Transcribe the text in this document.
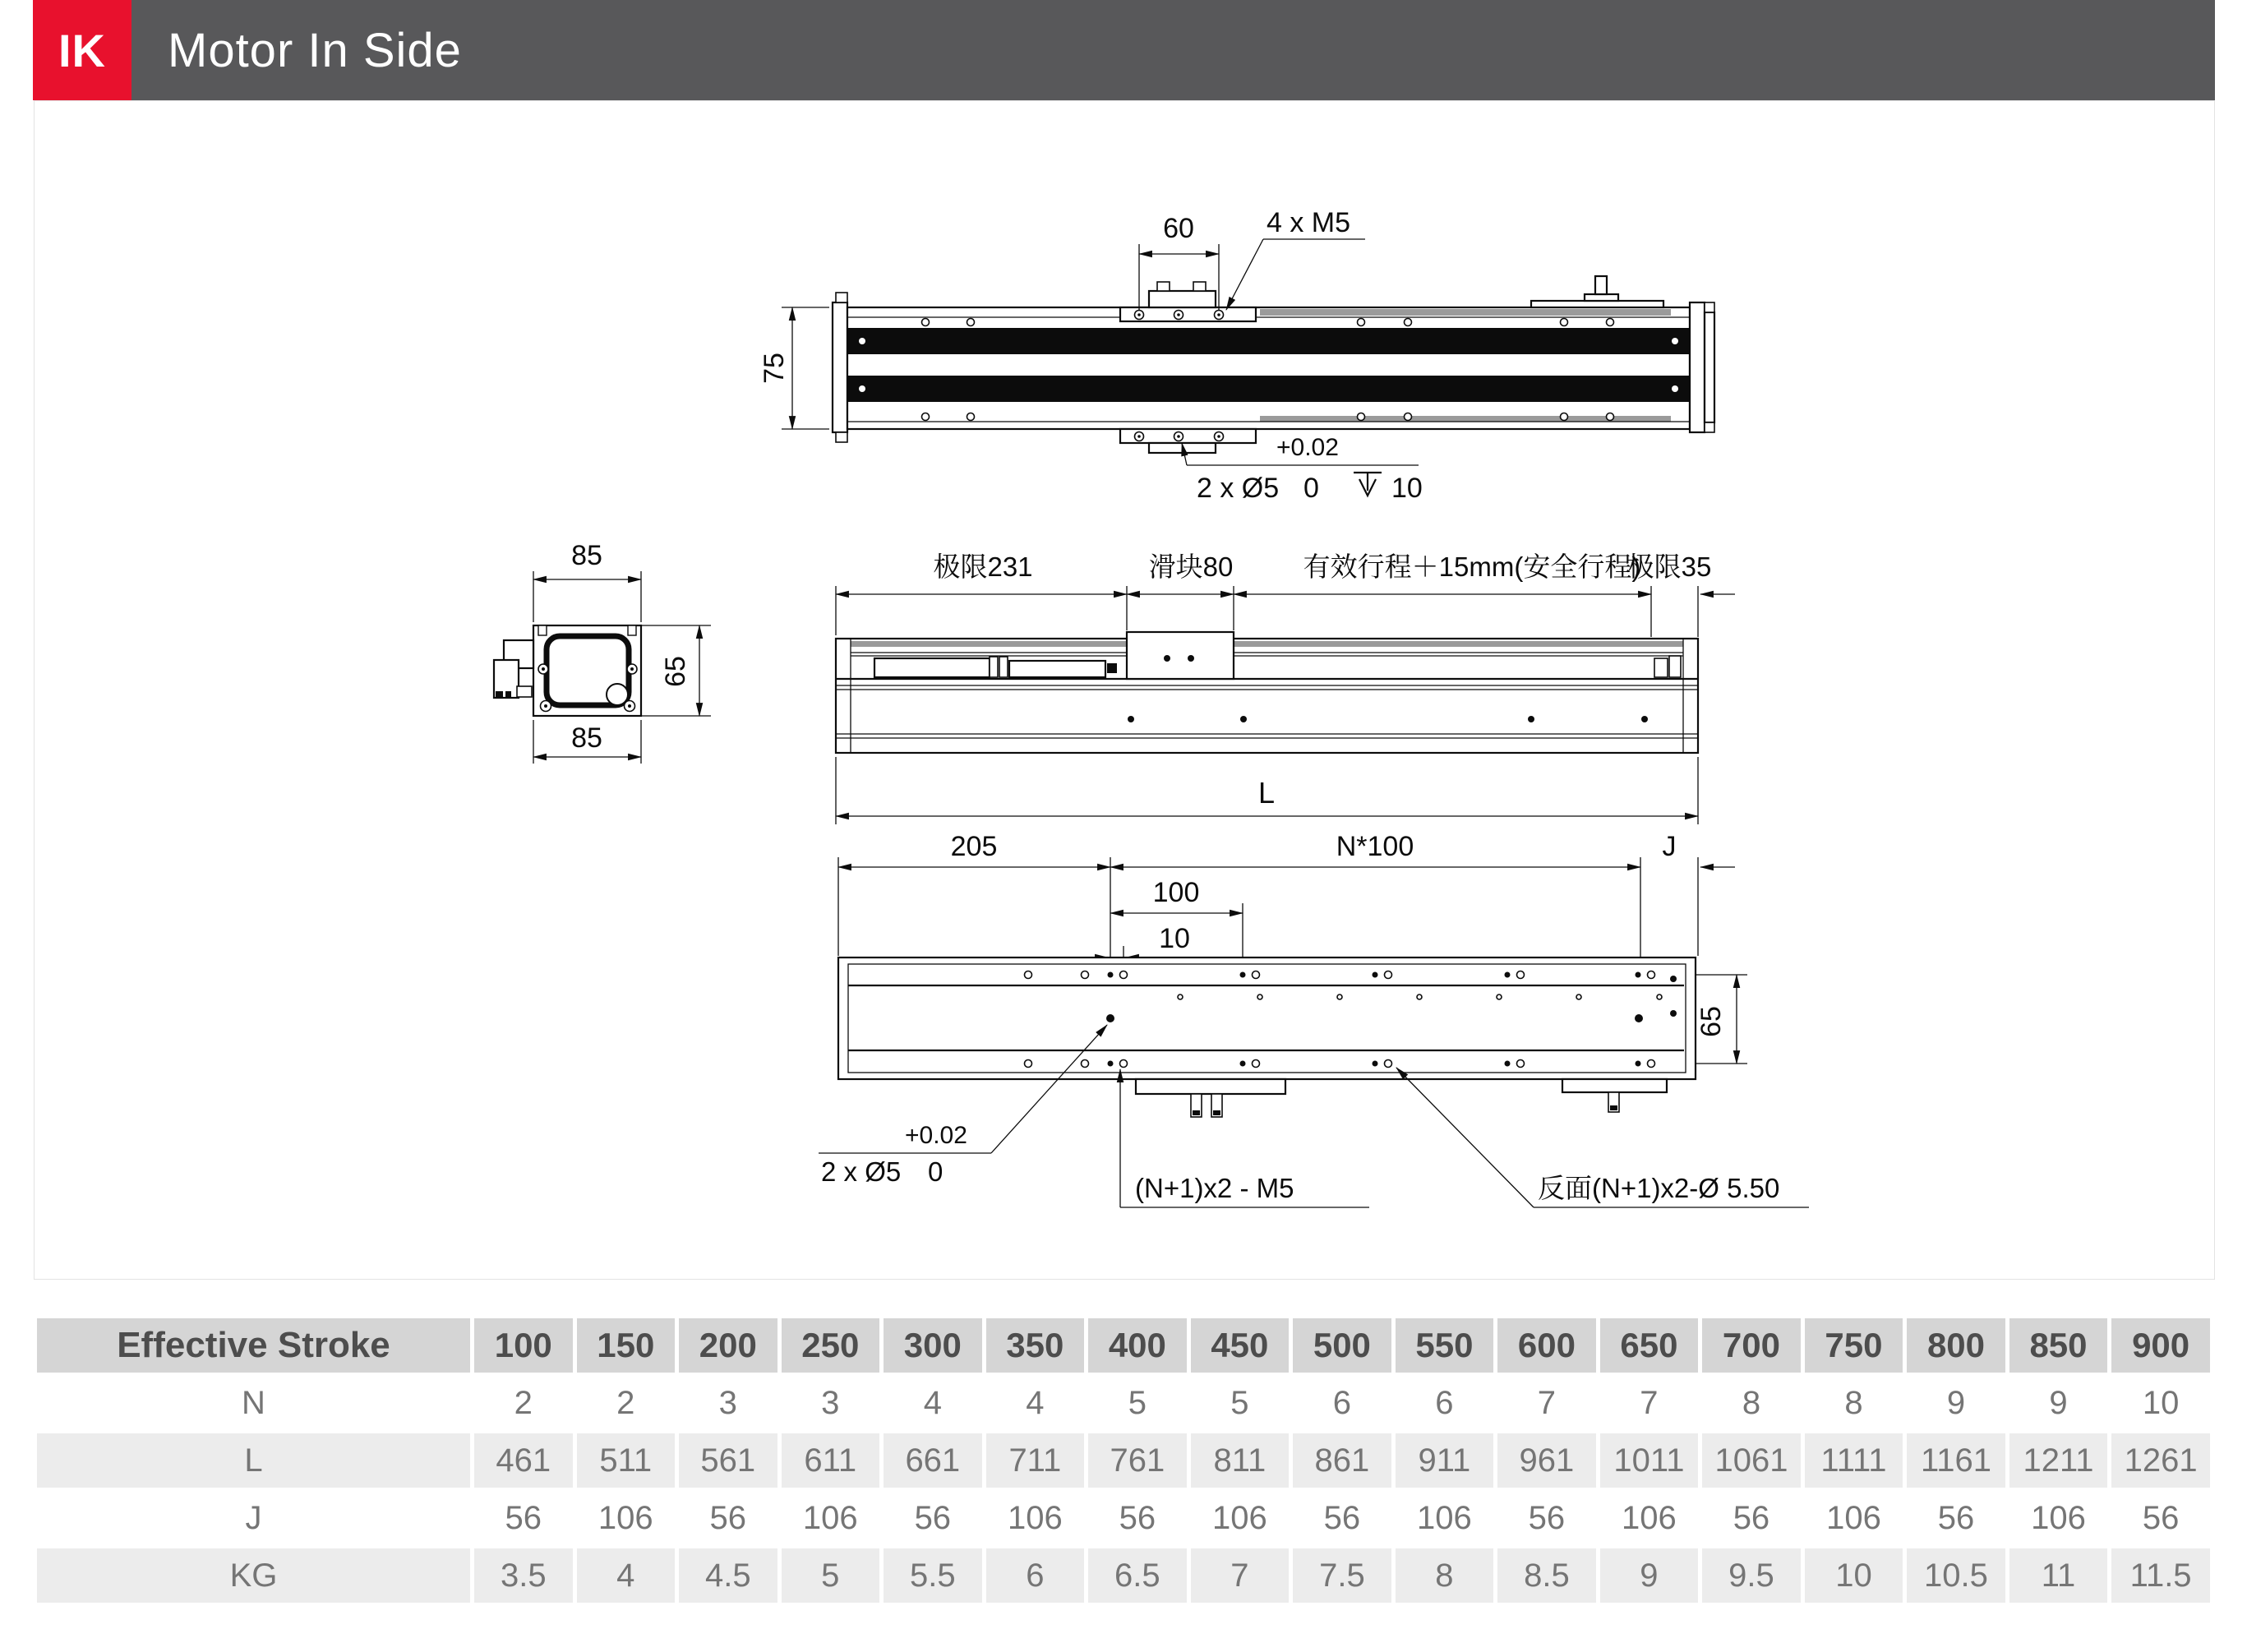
IK Motor In Side
60	4 x M5
75
+0.02
2 x Ø5 0	10
85
65
85
极限231	滑块80	有效行程＋15mm(安全行程)
极限35
L
205	N*100	J
100
10
65
+0.02
2 x Ø5 0
(N+1)x2 - M5	反面(N+1)x2-Ø 5.50
Effective Stroke	100	150	200	250	300	350	400	450	500	550	600	650	700	750	800	850	900
N	2	2	3	3	4	4	5	5	6	6	7	7	8	8	9	9	10
L	461	511	561	611	661	711	761	811	861	911	961	1011	1061	1111	1161	1211	1261
J	56	106	56	106	56	106	56	106	56	106	56	106	56	106	56	106	56
KG	3.5	4	4.5	5	5.5	6	6.5	7	7.5	8	8.5	9	9.5	10	10.5	11	11.5
